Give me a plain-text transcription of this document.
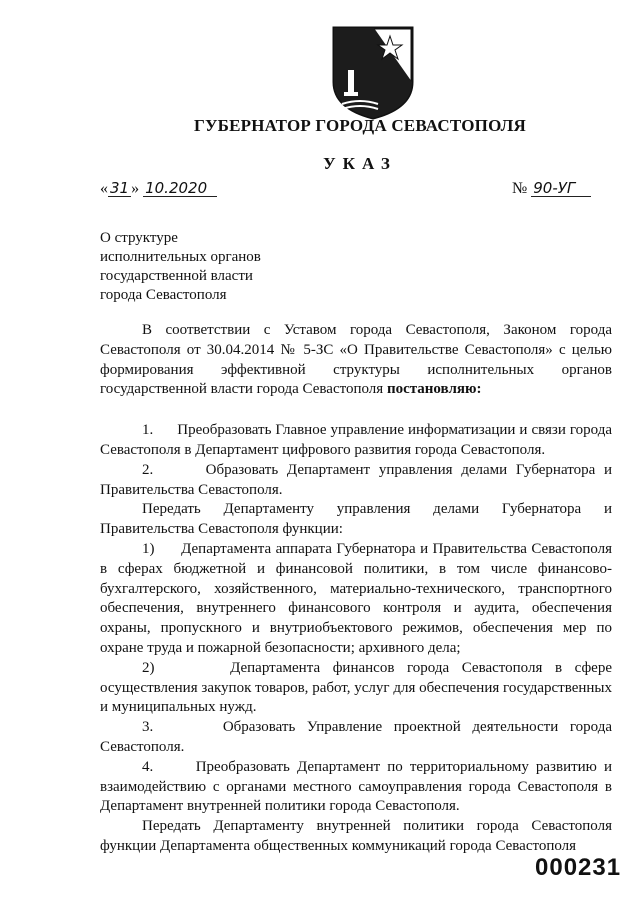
ГУБЕРНАТОР ГОРОДА СЕВАСТОПОЛЯ
УКАЗ
« 31 » 10.2020	№ 90-УГ
О структуре
исполнительных органов
государственной власти
города Севастополя

В соответствии с Уставом города Севастополя, Законом города Севастополя от 30.04.2014 № 5-ЗС «О Правительстве Севастополя» с целью формирования эффективной структуры исполнительных органов государственной власти города Севастополя постановляю:

1.      Преобразовать Главное управление информатизации и связи города Севастополя в Департамент цифрового развития города Севастополя.

2.      Образовать Департамент управления делами Губернатора и Правительства Севастополя.

Передать Департаменту управления делами Губернатора и Правительства Севастополя функции:

1)      Департамента аппарата Губернатора и Правительства Севастополя в сферах бюджетной и финансовой политики, в том числе финансово-бухгалтерского, хозяйственного, материально-технического, транспортного обеспечения, внутреннего финансового контроля и аудита, обеспечения охраны, пропускного и внутриобъектового режимов, обеспечения мер по охране труда и пожарной безопасности; архивного дела;

2)      Департамента финансов города Севастополя в сфере осуществления закупок товаров, работ, услуг для обеспечения государственных и муниципальных нужд.

3.      Образовать Управление проектной деятельности города Севастополя.

4.      Преобразовать Департамент по территориальному развитию и взаимодействию с органами местного самоуправления города Севастополя в Департамент внутренней политики города Севастополя.

Передать Департаменту внутренней политики города Севастополя функции Департамента общественных коммуникаций города Севастополя

000231
